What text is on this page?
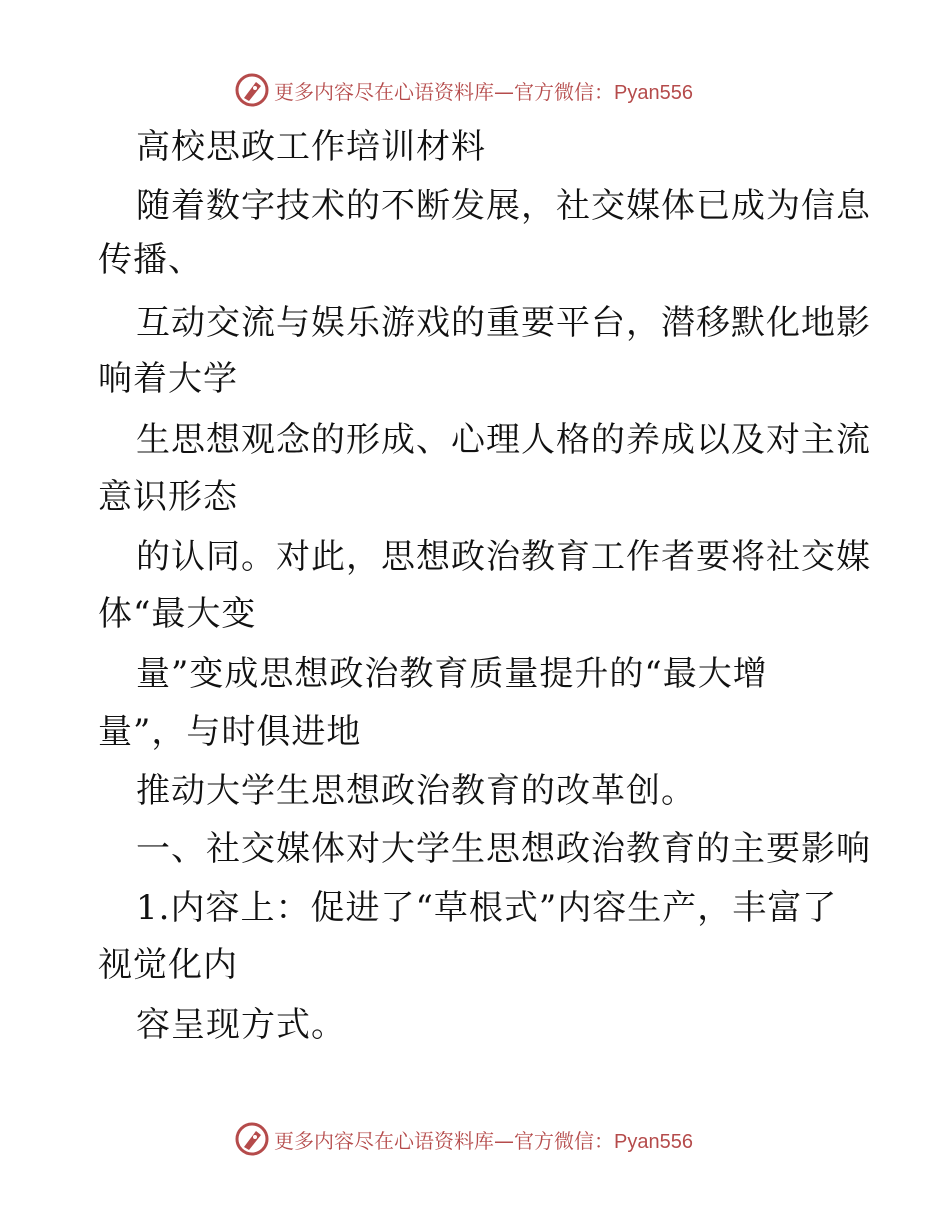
更多内容尽在心语资料库—官方微信：Pyan556
高校思政工作培训材料
随着数字技术的不断发展，社交媒体已成为信息
传播、
互动交流与娱乐游戏的重要平台，潜移默化地影
响着大学
生思想观念的形成、心理人格的养成以及对主流
意识形态
的认同。对此，思想政治教育工作者要将社交媒
体“最大变
量”变成思想政治教育质量提升的“最大增
量”，与时俱进地
推动大学生思想政治教育的改革创。
一、社交媒体对大学生思想政治教育的主要影响
1.内容上：促进了“草根式”内容生产，丰富了
视觉化内
容呈现方式。
更多内容尽在心语资料库—官方微信：Pyan556
